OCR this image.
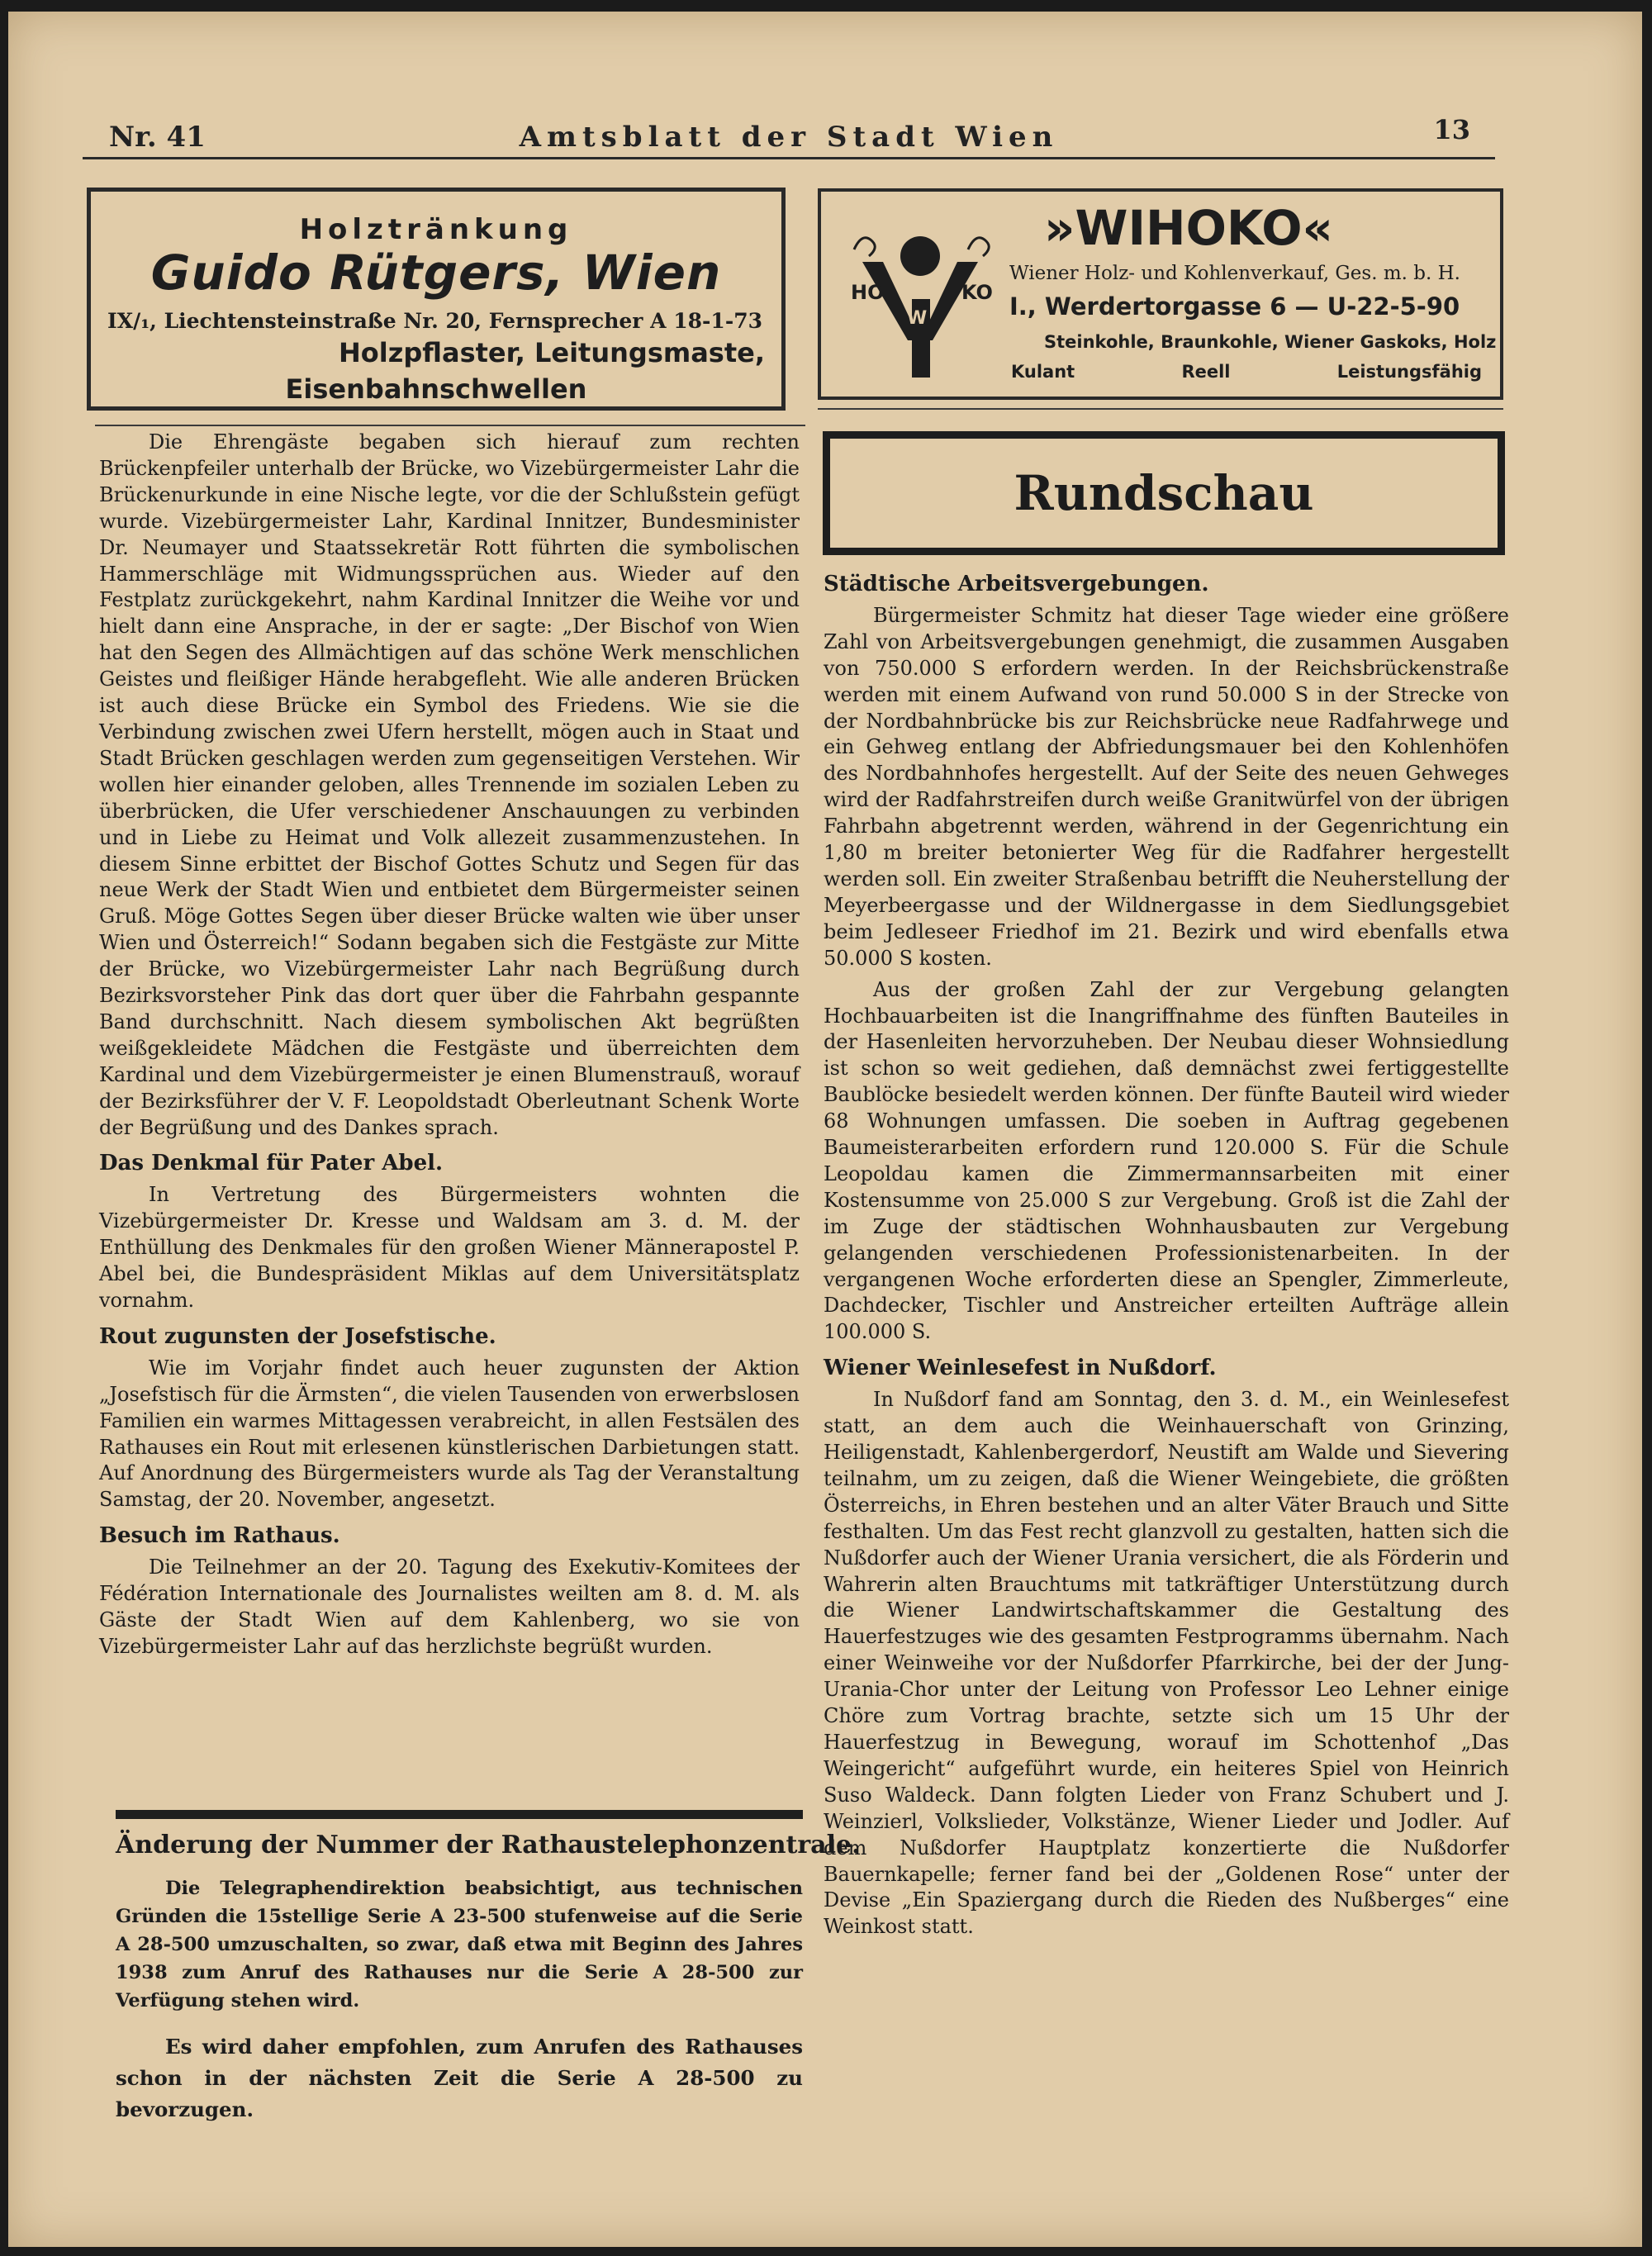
Nr. 41	Amtsblatt der Stadt Wien	13
Holztränkung
Guido Rütgers, Wien
IX/₁, Liechtensteinstraße Nr. 20, Fernsprecher A 18-1-73
Holzpflaster, Leitungsmaste,
Eisenbahnschwellen
HO
W
KO
»WIHOKO«
Wiener Holz- und Kohlenverkauf, Ges. m. b. H.
I., Werdertorgasse 6 — U-22-5-90
Steinkohle, Braunkohle, Wiener Gaskoks, Holz
Kulant	Reell	Leistungsfähig

Die Ehrengäste begaben sich hierauf zum rechten Brückenpfeiler unterhalb der Brücke, wo Vizebürgermeister Lahr die Brückenurkunde in eine Nische legte, vor die der Schlußstein gefügt wurde. Vizebürgermeister Lahr, Kardinal Innitzer, Bundesminister Dr. Neumayer und Staatssekretär Rott führten die symbolischen Hammerschläge mit Widmungssprüchen aus. Wieder auf den Festplatz zurückgekehrt, nahm Kardinal Innitzer die Weihe vor und hielt dann eine Ansprache, in der er sagte: „Der Bischof von Wien hat den Segen des Allmächtigen auf das schöne Werk menschlichen Geistes und fleißiger Hände herabgefleht. Wie alle anderen Brücken ist auch diese Brücke ein Symbol des Friedens. Wie sie die Verbindung zwischen zwei Ufern herstellt, mögen auch in Staat und Stadt Brücken geschlagen werden zum gegenseitigen Verstehen. Wir wollen hier einander geloben, alles Trennende im sozialen Leben zu überbrücken, die Ufer verschiedener Anschauungen zu verbinden und in Liebe zu Heimat und Volk allezeit zusammenzustehen. In diesem Sinne erbittet der Bischof Gottes Schutz und Segen für das neue Werk der Stadt Wien und entbietet dem Bürgermeister seinen Gruß. Möge Gottes Segen über dieser Brücke walten wie über unser Wien und Österreich!“ Sodann begaben sich die Festgäste zur Mitte der Brücke, wo Vizebürgermeister Lahr nach Begrüßung durch Bezirksvorsteher Pink das dort quer über die Fahrbahn gespannte Band durchschnitt. Nach diesem symbolischen Akt begrüßten weißgekleidete Mädchen die Festgäste und überreichten dem Kardinal und dem Vizebürgermeister je einen Blumenstrauß, worauf der Bezirksführer der V. F. Leopoldstadt Oberleutnant Schenk Worte der Begrüßung und des Dankes sprach.

Das Denkmal für Pater Abel.

In Vertretung des Bürgermeisters wohnten die Vizebürgermeister Dr. Kresse und Waldsam am 3. d. M. der Enthüllung des Denkmales für den großen Wiener Männerapostel P. Abel bei, die Bundespräsident Miklas auf dem Universitätsplatz vornahm.

Rout zugunsten der Josefstische.

Wie im Vorjahr findet auch heuer zugunsten der Aktion „Josefstisch für die Ärmsten“, die vielen Tausenden von erwerbslosen Familien ein warmes Mittagessen verabreicht, in allen Festsälen des Rathauses ein Rout mit erlesenen künstlerischen Darbietungen statt. Auf Anordnung des Bürgermeisters wurde als Tag der Veranstaltung Samstag, der 20. November, angesetzt.

Besuch im Rathaus.

Die Teilnehmer an der 20. Tagung des Exekutiv-Komitees der Fédération Internationale des Journalistes weilten am 8. d. M. als Gäste der Stadt Wien auf dem Kahlenberg, wo sie von Vizebürgermeister Lahr auf das herzlichste begrüßt wurden.

Änderung der Nummer der Rathaustelephonzentrale.

Die Telegraphendirektion beabsichtigt, aus technischen Gründen die 15stellige Serie A 23-500 stufenweise auf die Serie A 28-500 umzuschalten, so zwar, daß etwa mit Beginn des Jahres 1938 zum Anruf des Rathauses nur die Serie A 28-500 zur Verfügung stehen wird.

Es wird daher empfohlen, zum Anrufen des Rathauses schon in der nächsten Zeit die Serie A 28-500 zu bevorzugen.

Rundschau
Städtische Arbeitsvergebungen.

Bürgermeister Schmitz hat dieser Tage wieder eine größere Zahl von Arbeitsvergebungen genehmigt, die zusammen Ausgaben von 750.000 S erfordern werden. In der Reichsbrückenstraße werden mit einem Aufwand von rund 50.000 S in der Strecke von der Nordbahnbrücke bis zur Reichsbrücke neue Radfahrwege und ein Gehweg entlang der Abfriedungsmauer bei den Kohlenhöfen des Nordbahnhofes hergestellt. Auf der Seite des neuen Gehweges wird der Radfahrstreifen durch weiße Granitwürfel von der übrigen Fahrbahn abgetrennt werden, während in der Gegenrichtung ein 1,80 m breiter betonierter Weg für die Radfahrer hergestellt werden soll. Ein zweiter Straßenbau betrifft die Neuherstellung der Meyerbeergasse und der Wildnergasse in dem Siedlungsgebiet beim Jedleseer Friedhof im 21. Bezirk und wird ebenfalls etwa 50.000 S kosten.

Aus der großen Zahl der zur Vergebung gelangten Hochbauarbeiten ist die Inangriffnahme des fünften Bauteiles in der Hasenleiten hervorzuheben. Der Neubau dieser Wohnsiedlung ist schon so weit gediehen, daß demnächst zwei fertiggestellte Baublöcke besiedelt werden können. Der fünfte Bauteil wird wieder 68 Wohnungen umfassen. Die soeben in Auftrag gegebenen Baumeisterarbeiten erfordern rund 120.000 S. Für die Schule Leopoldau kamen die Zimmermannsarbeiten mit einer Kostensumme von 25.000 S zur Vergebung. Groß ist die Zahl der im Zuge der städtischen Wohnhausbauten zur Vergebung gelangenden verschiedenen Professionistenarbeiten. In der vergangenen Woche erforderten diese an Spengler, Zimmerleute, Dachdecker, Tischler und Anstreicher erteilten Aufträge allein 100.000 S.

Wiener Weinlesefest in Nußdorf.

In Nußdorf fand am Sonntag, den 3. d. M., ein Weinlesefest statt, an dem auch die Weinhauerschaft von Grinzing, Heiligenstadt, Kahlenbergerdorf, Neustift am Walde und Sievering teilnahm, um zu zeigen, daß die Wiener Weingebiete, die größten Österreichs, in Ehren bestehen und an alter Väter Brauch und Sitte festhalten. Um das Fest recht glanzvoll zu gestalten, hatten sich die Nußdorfer auch der Wiener Urania versichert, die als Förderin und Wahrerin alten Brauchtums mit tatkräftiger Unterstützung durch die Wiener Landwirtschaftskammer die Gestaltung des Hauerfestzuges wie des gesamten Festprogramms übernahm. Nach einer Weinweihe vor der Nußdorfer Pfarrkirche, bei der der Jung-Urania-Chor unter der Leitung von Professor Leo Lehner einige Chöre zum Vortrag brachte, setzte sich um 15 Uhr der Hauerfestzug in Bewegung, worauf im Schottenhof „Das Weingericht“ aufgeführt wurde, ein heiteres Spiel von Heinrich Suso Waldeck. Dann folgten Lieder von Franz Schubert und J. Weinzierl, Volkslieder, Volkstänze, Wiener Lieder und Jodler. Auf dem Nußdorfer Hauptplatz konzertierte die Nußdorfer Bauernkapelle; ferner fand bei der „Goldenen Rose“ unter der Devise „Ein Spaziergang durch die Rieden des Nußberges“ eine Weinkost statt.
